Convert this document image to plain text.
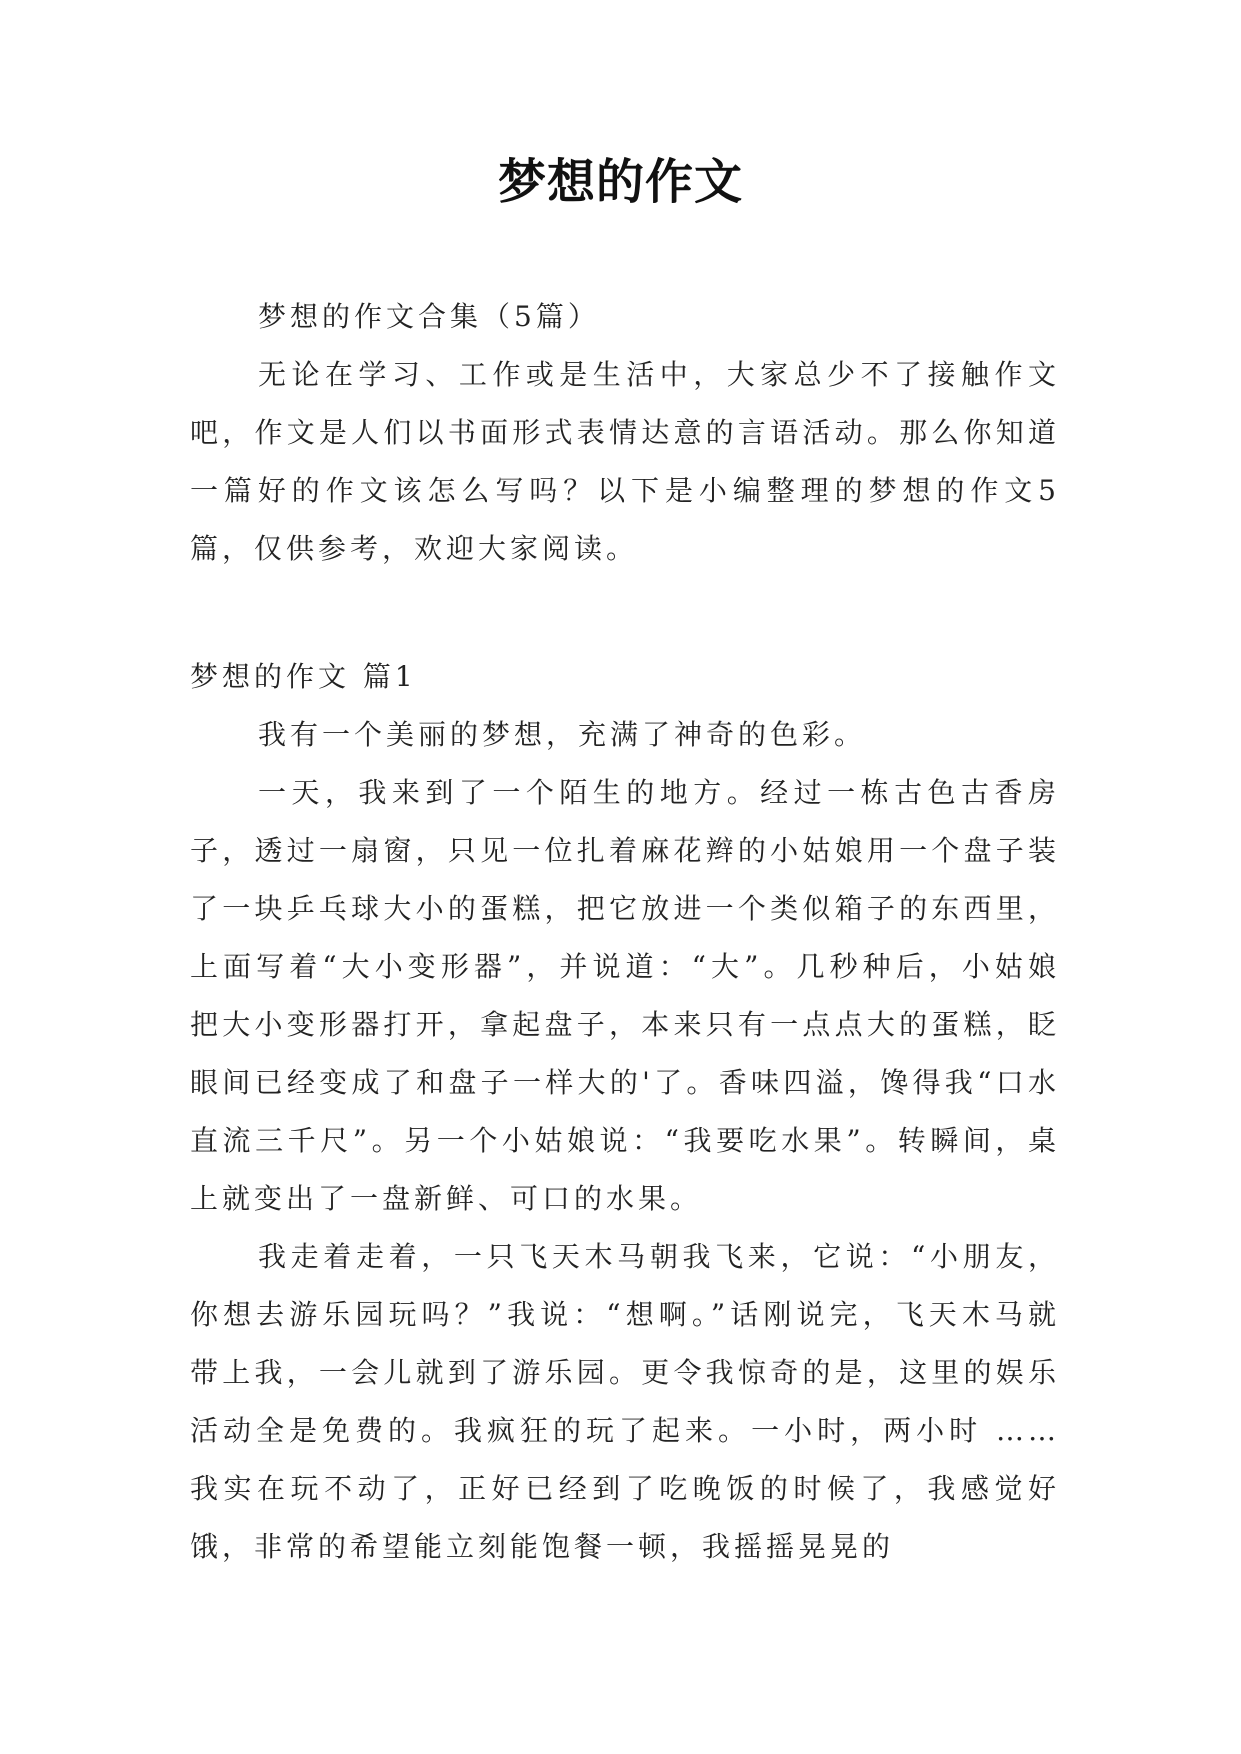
梦想的作文

梦想的作文合集（5篇）

无论在学习、工作或是生活中，大家总少不了接触作文吧，作文是人们以书面形式表情达意的言语活动。那么你知道一篇好的作文该怎么写吗？以下是小编整理的梦想的作文5篇，仅供参考，欢迎大家阅读。

梦想的作文 篇1

我有一个美丽的梦想，充满了神奇的色彩。

一天，我来到了一个陌生的地方。经过一栋古色古香房子，透过一扇窗，只见一位扎着麻花辫的小姑娘用一个盘子装了一块乒乓球大小的蛋糕，把它放进一个类似箱子的东西里，上面写着“大小变形器”，并说道：“大”。几秒种后，小姑娘把大小变形器打开，拿起盘子，本来只有一点点大的蛋糕，眨眼间已经变成了和盘子一样大的'了。香味四溢，馋得我“口水直流三千尺”。另一个小姑娘说：“我要吃水果”。转瞬间，桌上就变出了一盘新鲜、可口的水果。

我走着走着，一只飞天木马朝我飞来，它说：“小朋友，你想去游乐园玩吗？”我说：“想啊。”话刚说完，飞天木马就带上我，一会儿就到了游乐园。更令我惊奇的是，这里的娱乐活动全是免费的。我疯狂的玩了起来。一小时，两小时 …… 我实在玩不动了，正好已经到了吃晚饭的时候了，我感觉好饿，非常的希望能立刻能饱餐一顿，我摇摇晃晃的
